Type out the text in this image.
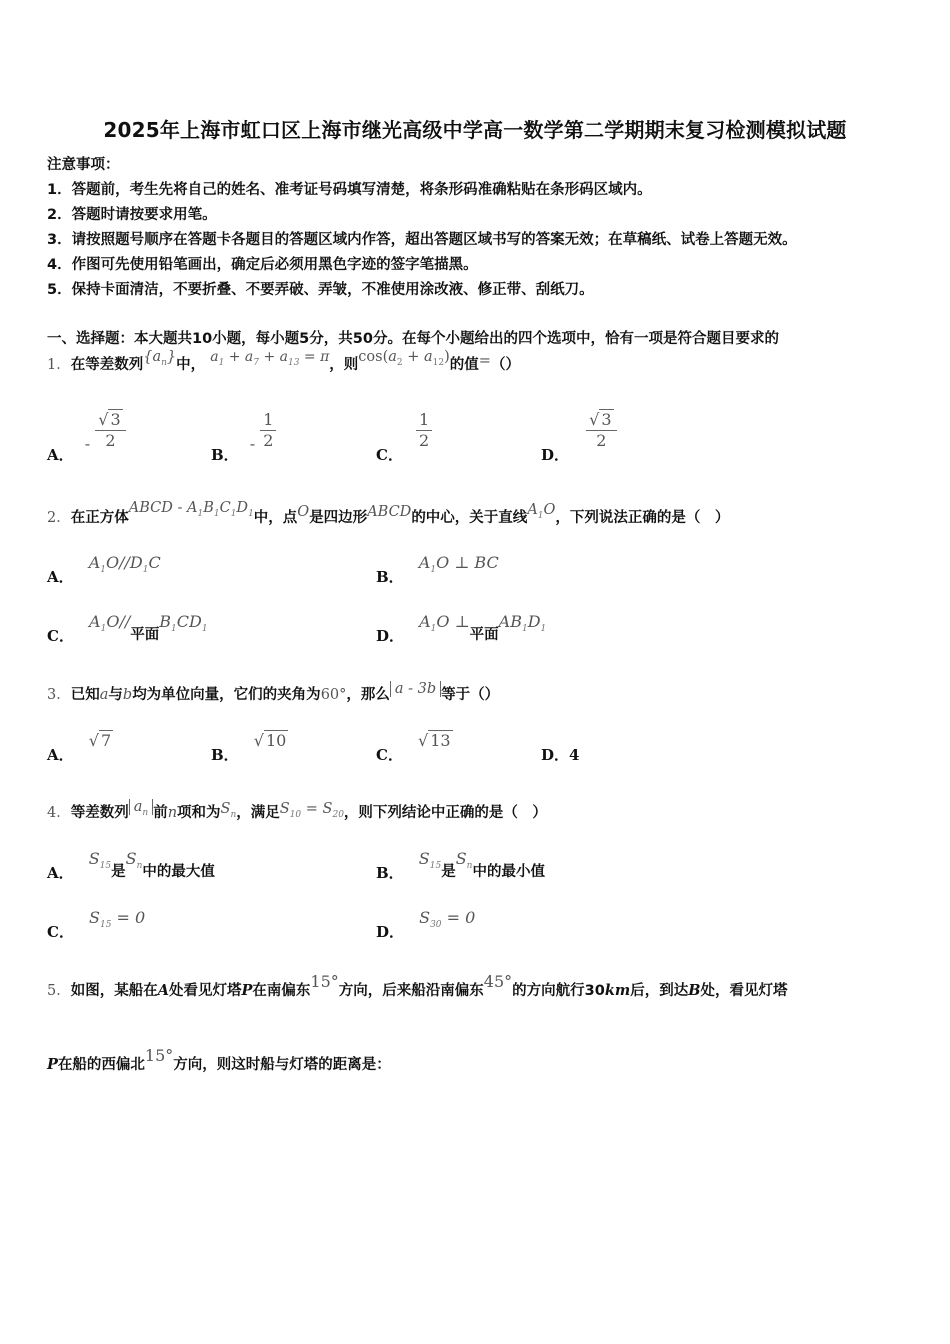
2025年上海市虹口区上海市继光高级中学高一数学第二学期期末复习检测模拟试题
注意事项：
1．答题前，考生先将自己的姓名、准考证号码填写清楚，将条形码准确粘贴在条形码区域内。
2．答题时请按要求用笔。
3．请按照题号顺序在答题卡各题目的答题区域内作答，超出答题区域书写的答案无效；在草稿纸、试卷上答题无效。
4．作图可先使用铅笔画出，确定后必须用黑色字迹的签字笔描黑。
5．保持卡面清洁，不要折叠、不要弄破、弄皱，不准使用涂改液、修正带、刮纸刀。
一、选择题：本大题共10小题，每小题5分，共50分。在每个小题给出的四个选项中，恰有一项是符合题目要求的
1．在等差数列$\{a_n\}$中， $a_1 + a_7 + a_{13} = \pi$，则$\cos(a_2 + a_{12})$的值=（）
A． - $\frac{√ 3}{2}$
B． - $\frac{1}{2}$
C．
$\frac{1}{2}$
D．
$\frac{√ 3}{2}$
2．在正方体ABCD - $A_1B_1C_1D_1$中，点O是四边形ABCD的中心，关于直线$A_1O$，下列说法正确的是（　）
A． $A_1O//D_1C$
B． $A_1O$ ⊥ BC
C． $A_1O//$平面$B_1CD_1$	D． $A_1O$ ⊥平面$AB_1D_1$
3．已知a与b均为单位向量，它们的夹角为60°，那么 a - 3b 等于（）
A． √ 7
B． √ 10
C． √ 13
D．4
4．等差数列 $a_n$ 前n项和为$S_n$，满足$S_{10} = S_{20}$，则下列结论中正确的是（　）
A． $S_{15}$是$S_n$中的最大值	B． $S_{15}$是$S_n$中的最小值
C． $S_{15} = 0$
D． $S_{30} = 0$
5．如图，某船在A处看见灯塔P在南偏东15°方向，后来船沿南偏东45°的方向航行30km后，到达B处，看见灯塔
P在船的西偏北15°方向，则这时船与灯塔的距离是：
